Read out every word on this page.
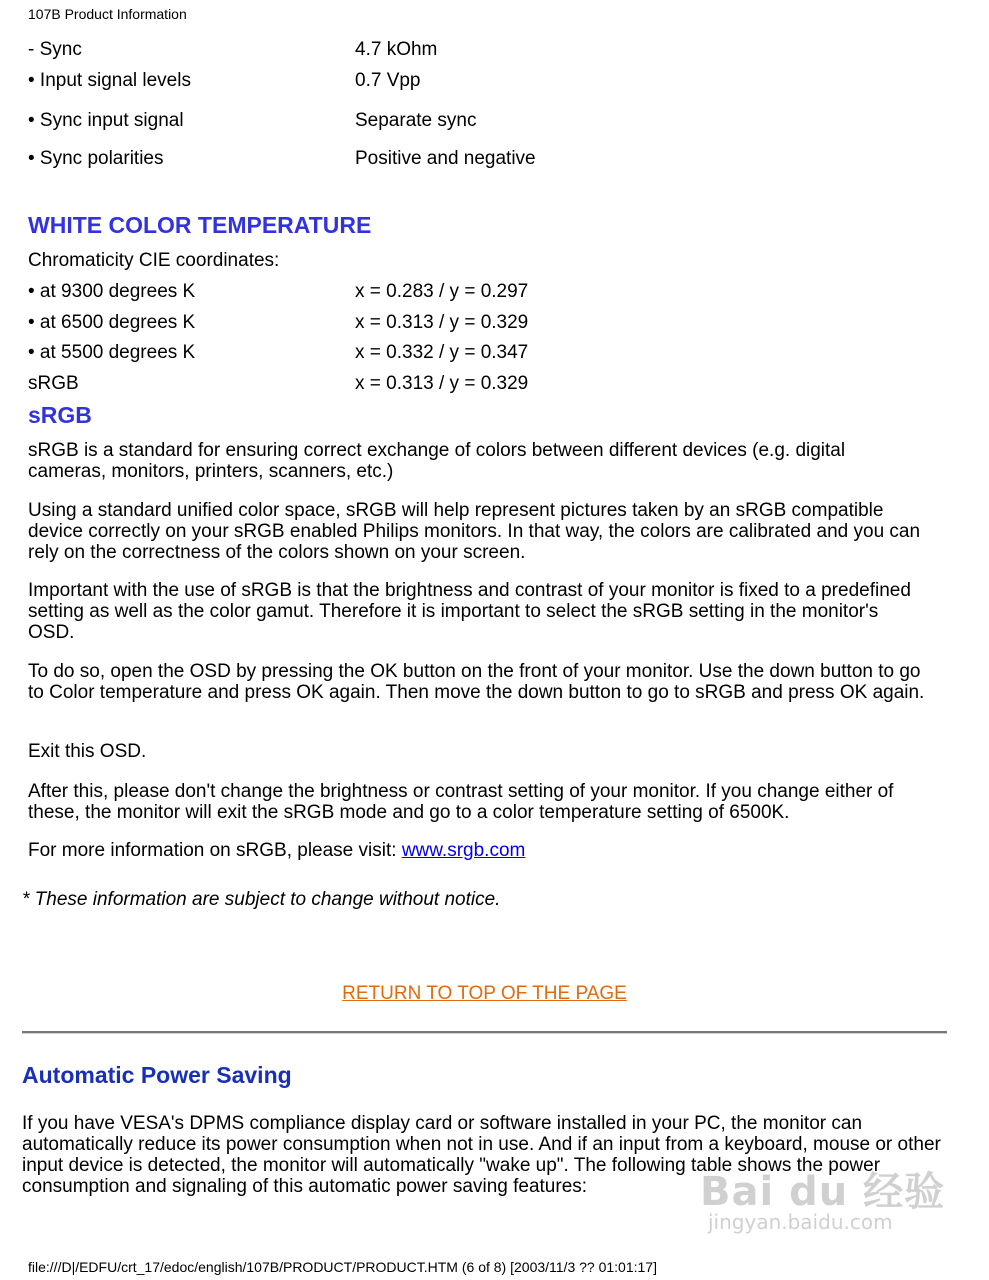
107B Product Information
- Sync	4.7 kOhm
• Input signal levels	0.7 Vpp
• Sync input signal	Separate sync
• Sync polarities	Positive and negative
WHITE COLOR TEMPERATURE
Chromaticity CIE coordinates:
• at 9300 degrees K	x = 0.283 / y = 0.297
• at 6500 degrees K	x = 0.313 / y = 0.329
• at 5500 degrees K	x = 0.332 / y = 0.347
sRGB	x = 0.313 / y = 0.329
sRGB
sRGB is a standard for ensuring correct exchange of colors between different devices (e.g. digital cameras, monitors, printers, scanners, etc.)
Using a standard unified color space, sRGB will help represent pictures taken by an sRGB compatible device correctly on your sRGB enabled Philips monitors. In that way, the colors are calibrated and you can rely on the correctness of the colors shown on your screen.
Important with the use of sRGB is that the brightness and contrast of your monitor is fixed to a predefined setting as well as the color gamut. Therefore it is important to select the sRGB setting in the monitor's OSD.
To do so, open the OSD by pressing the OK button on the front of your monitor. Use the down button to go to Color temperature and press OK again. Then move the down button to go to sRGB and press OK again.
Exit this OSD.
After this, please don't change the brightness or contrast setting of your monitor. If you change either of these, the monitor will exit the sRGB mode and go to a color temperature setting of 6500K.
For more information on sRGB, please visit: www.srgb.com
* These information are subject to change without notice.
RETURN TO TOP OF THE PAGE
Automatic Power Saving
If you have VESA's DPMS compliance display card or software installed in your PC, the monitor can automatically reduce its power consumption when not in use. And if an input from a keyboard, mouse or other input device is detected, the monitor will automatically "wake up". The following table shows the power consumption and signaling of this automatic power saving features:	Bai du 经验
jingyan.baidu.com
file:///D|/EDFU/crt_17/edoc/english/107B/PRODUCT/PRODUCT.HTM (6 of 8) [2003/11/3 ?? 01:01:17]
